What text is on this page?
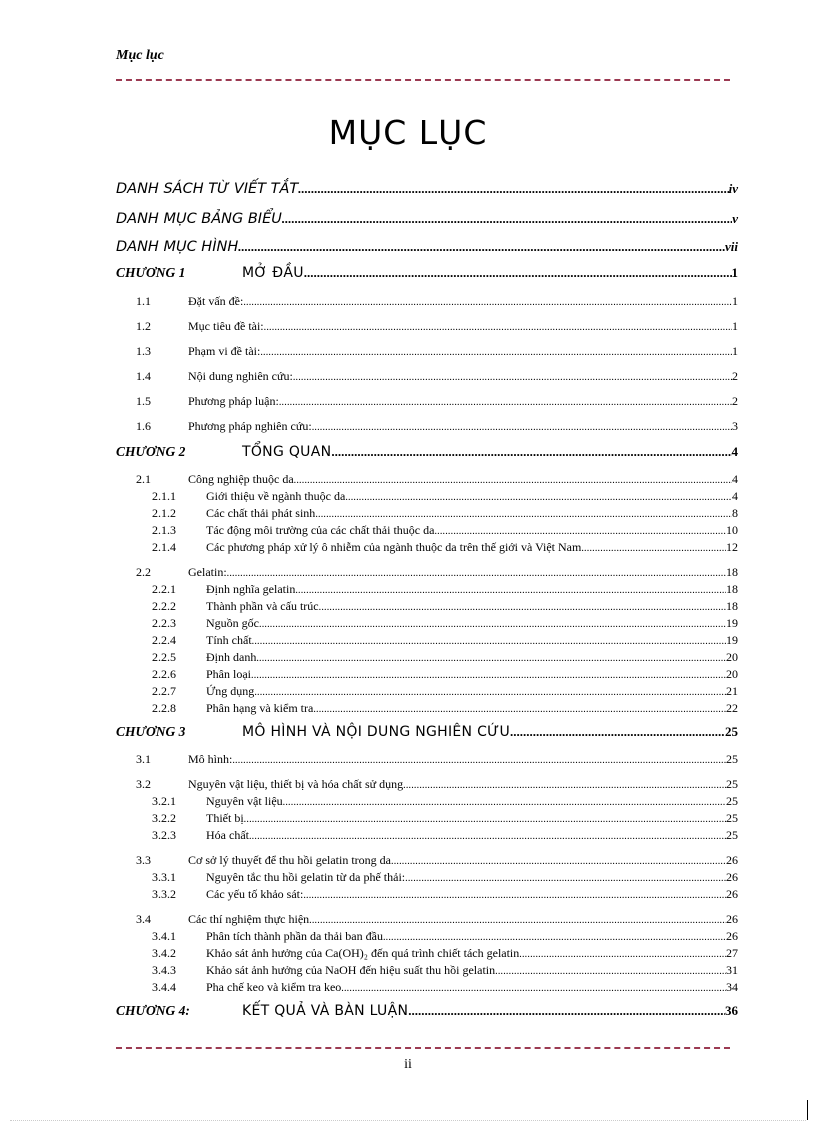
Mục lục
MỤC LỤC
DANH SÁCH TỪ VIẾT TẮT .....	iv
DANH MỤC BẢNG BIỂU .....	v
DANH MỤC HÌNH .....	vii
CHƯƠNG 1	MỞ ĐẦU .....	1
1.1	Đặt vấn đề: .....	1
1.2	Mục tiêu đề tài: .....	1
1.3	Phạm vi đề tài: .....	1
1.4	Nội dung nghiên cứu: .....	2
1.5	Phương pháp luận: .....	2
1.6	Phương pháp nghiên cứu: .....	3
CHƯƠNG 2	TỔNG QUAN .....	4
2.1	Công nghiệp thuộc da .....	4
2.1.1	Giới thiệu về ngành thuộc da .....	4
2.1.2	Các chất thải phát sinh .....	8
2.1.3	Tác động môi trường của các chất thải thuộc da .....	10
2.1.4	Các phương pháp xử lý ô nhiễm của ngành thuộc da trên thế giới và Việt Nam .....	12
2.2	Gelatin: .....	18
2.2.1	Định nghĩa gelatin .....	18
2.2.2	Thành phần và cấu trúc .....	18
2.2.3	Nguồn gốc .....	19
2.2.4	Tính chất .....	19
2.2.5	Định danh .....	20
2.2.6	Phân loại .....	20
2.2.7	Ứng dụng .....	21
2.2.8	Phân hạng và kiểm tra .....	22
CHƯƠNG 3	MÔ HÌNH VÀ NỘI DUNG NGHIÊN CỨU .....	25
3.1	Mô hình: .....	25
3.2	Nguyên vật liệu, thiết bị và hóa chất sử dụng .....	25
3.2.1	Nguyên vật liệu .....	25
3.2.2	Thiết bị .....	25
3.2.3	Hóa chất .....	25
3.3	Cơ sở lý thuyết để thu hồi gelatin trong da .....	26
3.3.1	Nguyên tắc thu hồi gelatin từ da phế thải: .....	26
3.3.2	Các yếu tố khảo sát: .....	26
3.4	Các thí nghiệm thực hiện .....	26
3.4.1	Phân tích thành phần da thải ban đầu .....	26
3.4.2	Khảo sát ảnh hưởng của Ca(OH)₂ đến quá trình chiết tách gelatin .....	27
3.4.3	Khảo sát ảnh hưởng của NaOH đến hiệu suất thu hồi gelatin .....	31
3.4.4	Pha chế keo và kiểm tra keo .....	34
CHƯƠNG 4:	KẾT QUẢ VÀ BÀN LUẬN .....	36
ii
